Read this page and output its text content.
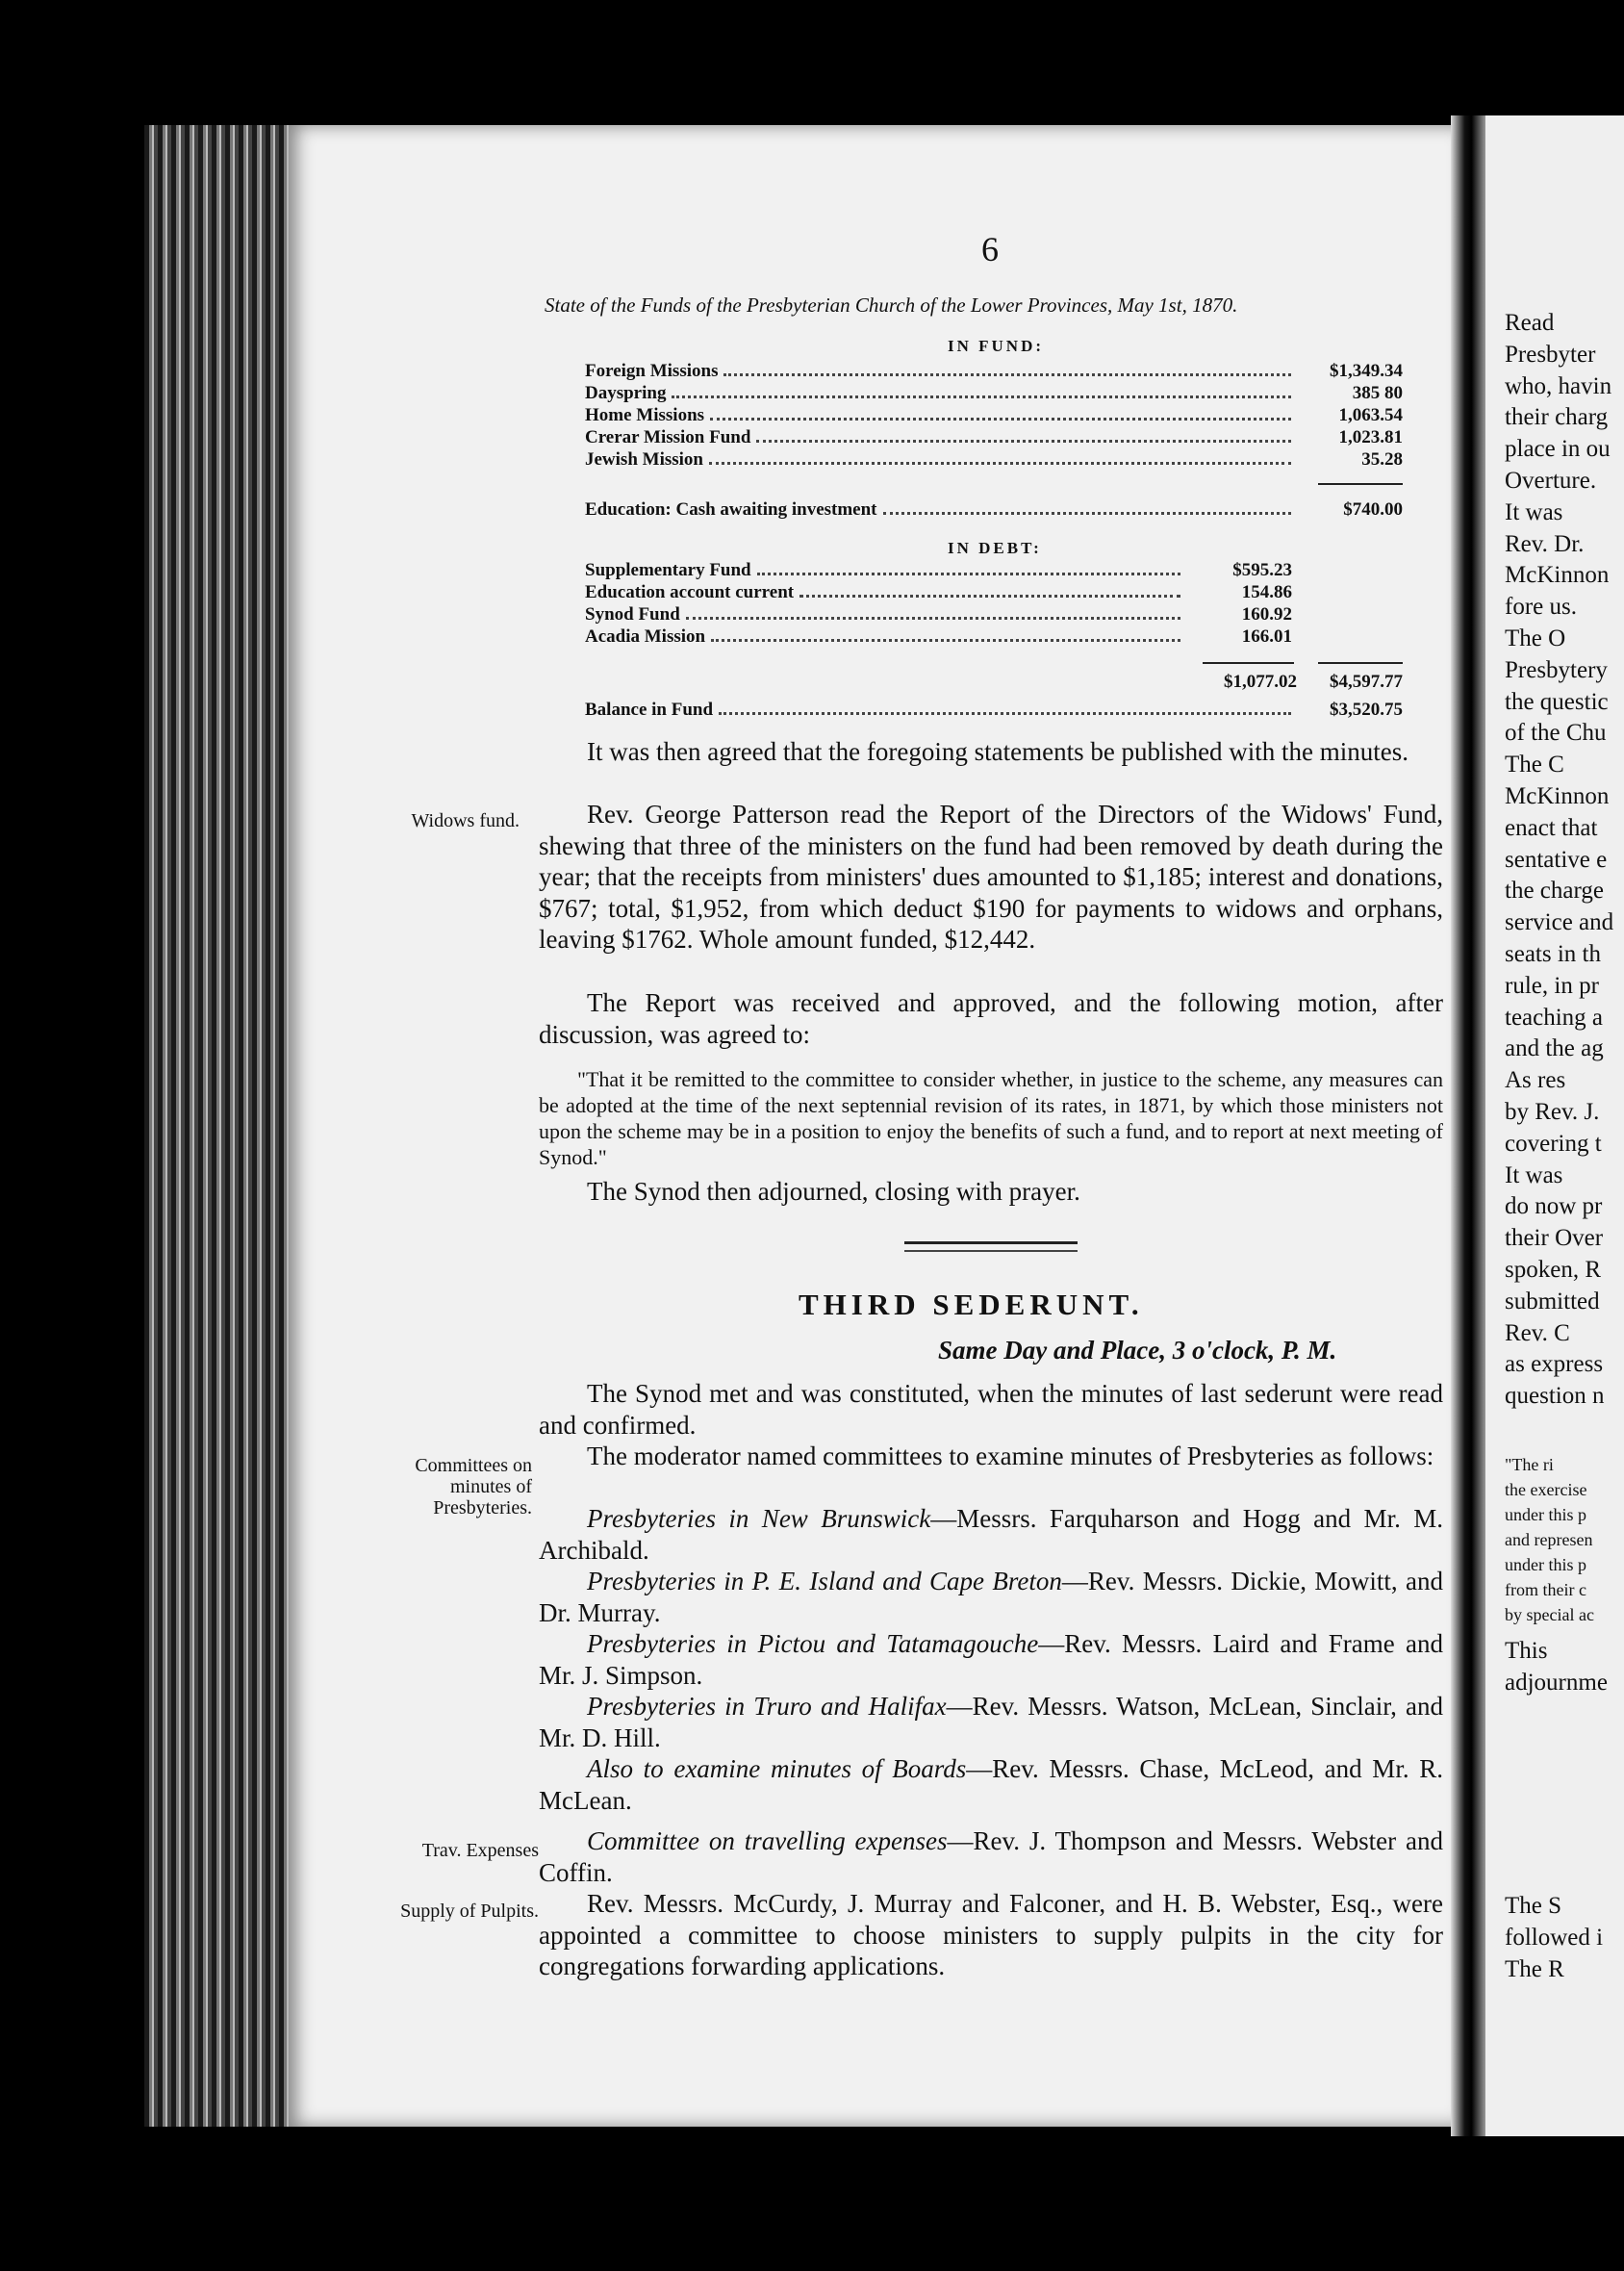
Read
Presbyter
who, havin
their charg
place in ou
Overture.
It was
Rev. Dr.
McKinnon
fore us.
The O
Presbytery
the questic
of the Chu
The C
McKinnon
enact that
sentative e
the charge
service and
seats in th
rule, in pr
teaching a
and the ag
As res
by Rev. J.
covering t
It was
do now pr
their Over
spoken, R
submitted
Rev. C
as express
question n
"The ri
the exercise
under this p
and represen
under this p
from their c
by special ac
This
adjournme
The S
followed i
The R
6
State of the Funds of the Presbyterian Church of the Lower Provinces, May 1st, 1870.
IN FUND:
Foreign Missions	$1,349.34
Dayspring	385 80
Home Missions	1,063.54
Crerar Mission Fund	1,023.81
Jewish Mission	35.28
Education: Cash awaiting investment	$740.00
IN DEBT:
Supplementary Fund	$595.23
Education account current	154.86
Synod Fund	160.92
Acadia Mission	166.01
$1,077.02	$4,597.77
Balance in Fund	$3,520.75
It was then agreed that the foregoing statements be published with the minutes.
Widows fund.	Rev. George Patterson read the Report of the Directors of the Widows' Fund, shewing that three of the ministers on the fund had been removed by death during the year; that the receipts from ministers' dues amounted to $1,185; interest and donations, $767; total, $1,952, from which deduct $190 for payments to widows and orphans, leaving $1762. Whole amount funded, $12,442.
The Report was received and approved, and the following motion, after discussion, was agreed to:
"That it be remitted to the committee to consider whether, in justice to the scheme, any measures can be adopted at the time of the next septennial revision of its rates, in 1871, by which those ministers not upon the scheme may be in a position to enjoy the benefits of such a fund, and to report at next meeting of Synod."
The Synod then adjourned, closing with prayer.
THIRD SEDERUNT.
Same Day and Place, 3 o'clock, P. M.
The Synod met and was constituted, when the minutes of last sederunt were read and confirmed.
Committees on minutes of Presbyteries.
The moderator named committees to examine minutes of Presbyteries as follows:
Presbyteries in New Brunswick—Messrs. Farquharson and Hogg and Mr. M. Archibald.
Presbyteries in P. E. Island and Cape Breton—Rev. Messrs. Dickie, Mowitt, and Dr. Murray.
Presbyteries in Pictou and Tatamagouche—Rev. Messrs. Laird and Frame and Mr. J. Simpson.
Presbyteries in Truro and Halifax—Rev. Messrs. Watson, McLean, Sinclair, and Mr. D. Hill.
Also to examine minutes of Boards—Rev. Messrs. Chase, McLeod, and Mr. R. McLean.
Trav. Expenses	Committee on travelling expenses—Rev. J. Thompson and Messrs. Webster and Coffin.
Supply of Pulpits.	Rev. Messrs. McCurdy, J. Murray and Falconer, and H. B. Webster, Esq., were appointed a committee to choose ministers to supply pulpits in the city for congregations forwarding applications.
